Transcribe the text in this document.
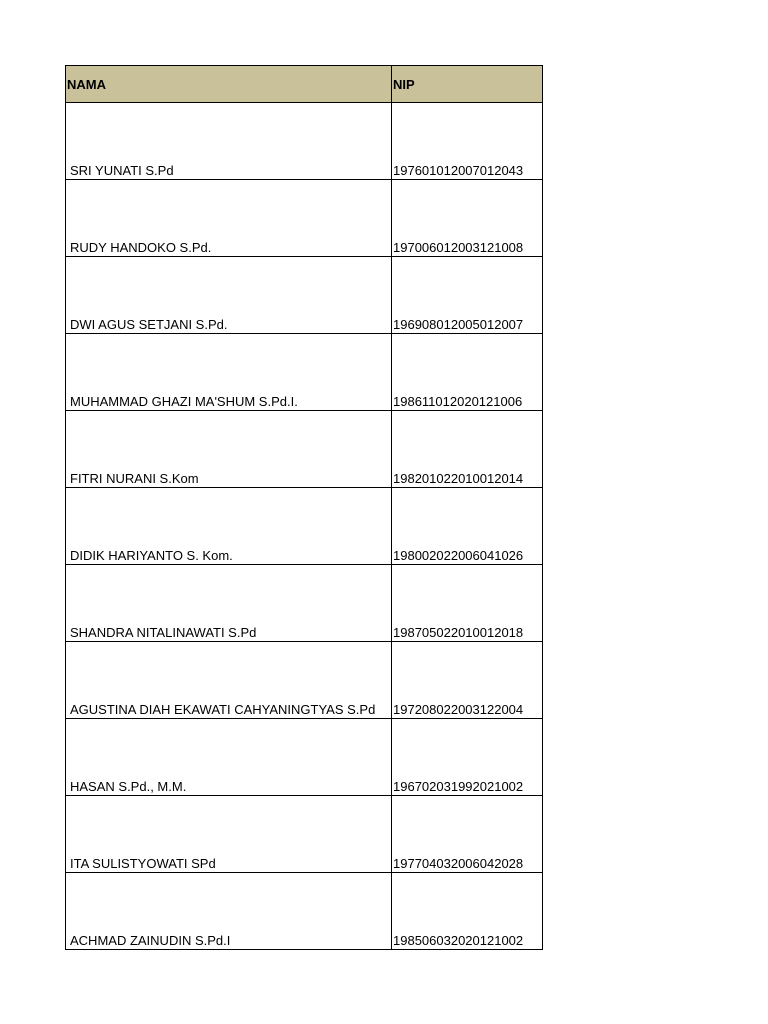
NAMA	NIP
SRI YUNATI S.Pd	197601012007012043
RUDY HANDOKO S.Pd.	197006012003121008
DWI AGUS SETJANI S.Pd.	196908012005012007
MUHAMMAD GHAZI MA'SHUM S.Pd.I.	198611012020121006
FITRI NURANI S.Kom	198201022010012014
DIDIK HARIYANTO S. Kom.	198002022006041026
SHANDRA NITALINAWATI S.Pd	198705022010012018
AGUSTINA DIAH EKAWATI CAHYANINGTYAS S.Pd	197208022003122004
HASAN S.Pd., M.M.	196702031992021002
ITA SULISTYOWATI SPd	197704032006042028
ACHMAD ZAINUDIN S.Pd.I	198506032020121002
